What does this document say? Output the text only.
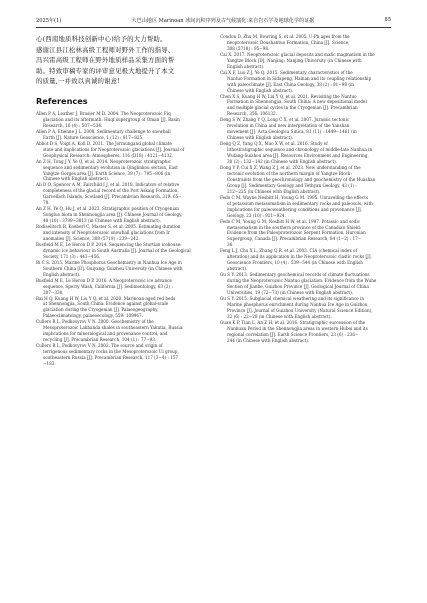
2025年(1)	大巴山地区 Marinoan 冰间沉积序列及古气候演化:来自岩石学及地球化学的证据	85
心(西南地质科技创新中心)给予的大力帮助。
感谢江县江松林高级工程师对野外工作的指导、
冯兴雷高级工程师在野外地质样品采集方面的帮
助。特致审稿专家的评审意见极大地提升了本文
的质量,一并致以真诚的谢意!
References
Allen P A, Leather J, Brasier M D. 2004. The Neoproterozoic Fiq
glaciation and its aftermath: Huqf supergroup of Oman [J]. Basin
Research, 16 (4) : 507−534.
Allen P A, Etienne J L. 2008. Sedimentary challenge to snowball
Earth [J]. Nature Geoscience, 1 (12) : 817−825.
Abbot D S, Voigt A, Koll D. 2011. The Jormungand global climate
state and implications for Neoproterozoic glaciations [J]. Journal of
Geophysical Research: Atmospheres, 116 (D18) : 4121−4132.
An Z H, Tong J Y, Ye Q, et al. 2014. Neoproterozoic stratigraphic
sequence and sedimentary evolution in Qinglinkou section, East
Yangtze Gorges area [J]. Earth Science, 39 (7) : 795−806 (in
Chinese with English abstract).
Ali D O, Spencer A M, Fairchild I J, et al. 2018. Indicators of relative
completeness of the glacial record of the Port Askaig Formation,
Garvellach Islands, Scotland [J]. Precambrian Research, 319: 65−
78.
An Z H, Ye Q, Hu J, et al. 2023. Stratigraphic position of Cryogenian
Songluo biota in Shennongjia area [J]. Chinese Journal of Geology,
48 (10) : 3799−3813 (in Chinese with English abstract).
Bodiselitsch B, Koeberl C, Master S, et al. 2005. Estimating duration
and intensity of Neoproterozoic snowball glaciations from Ir
anomalies [J]. Science, 308 (5719) : 239−242.
Busfield M E, Le Heron D P. 2014. Sequencing the Sturtian icehouse:
dynamic ice behaviour in South Australia [J]. Journal of the Geological
Society, 171 (3) : 443−456.
Bi C S. 2015. Marine Phosphorus Geochemistry in Nanhua Ice Age in
Southern China [D]. Guiyang: Guizhou University (in Chinese with
English abstract).
Busfield M E, Le Heron D P. 2016. A Neoproterozoic ice advance
sequence, Sperry Wash, California [J]. Sedimentology, 63 (2) :
307−330.
Bai H Q, Kuang H W, Liu Y Q, et al. 2020. Marinoan-aged red beds
at Shennongjia, South China: Evidence against global-scale
glaciation during the Cryogenian [J]. Palaeogeography,
Palaeoclimatology, palaeoecology, 559: 109967.
Cullers R L, Podkovyrov V N. 2000. Geochemistry of the
Mesoproterozoic Lakhanda shales in southeastern Yakutia, Russia:
implications for mineralogical and provenance control, and
recycling [J]. Precambrian Research, 104 (1) : 77−93.
Cullers R L, Podkovyrov V N. 2002. The source and origin of
terrigenous sedimentary rocks in the Mesoproterozoic Ui group,
southeastern Russia [J]. Precambrian Research, 117 (3−4) : 157
−183.
Condon D, Zhu M, Bowring S, et al. 2005. U-Pb ages from the
neoproterozoic Doushantuo Formation, China [J]. Science,
308 (5718) : 95−98.
Cai X. 2017. Neoproterozoic glacial deposits and mafic magmatism in the
Yangtze Block [D]. Nanjing: Nanjing University (in Chinese with
English abstract).
Cai X F, Luo Z J, Ye Q. 2015. Sedimentary characteristics of the
Nantuo Formation in Sidapeng, Hainan and its coupling relationship
with paleoclimate [J]. East China Geology, 38 (2) : 91−98 (in
Chinese with English abstract).
Chen X S, Kuang H W, Liu Y Q, et al. 2021. Revisiting the Nantuo
Formation in Shennongjia, South China: A new depositional model
and multiple glacial cycles in the Cryogenian [J]. Precambrian
Research, 356: 106132.
Deng S W, Zhang Y Q, Long C X, et al. 2007. Jurassic tectonic
revolution in China and new interpretation of the Yanshan
movement [J]. Acta Geologica Sinica, 81 (11) : 1449−1461 (in
Chinese with English abstract).
Deng Q Z, Yang Q X, Mao X W, et al. 2016. Study of
lithostratigraphic sequence and chronology of middle-late Nanhua in
Wufang-Suizhou area [J]. Resources Environment and Engineering,
30 (2) : 132−142 (in Chinese with English abstract).
Dong Y P, Cui X Z, Wang Z J, et al. 2023. New understanding of the
tectonic evolution of the northern margin of Yangtze Block:
Constraints from the geochronology and geochemistry of the Huashan
Group [J]. Sedimentary Geology and Tethyan Geology, 43 (1) :
212−225 (in Chinese with English abstract).
Fedo C M, Wayne Nesbitt H, Young G M. 1995. Unravelling the effects
of potassium metasomatism in sedimentary rocks and paleosols, with
implications for paleoweathering conditions and provenance [J].
Geology, 23 (10) : 921−924.
Fedo C M, Young G M, Nesbitt H W, et al. 1997. Potassic and sodic
metasomatism in the southern province of the Canadian Shield:
Evidence from the Paleoproterozoic Serpent Formation, Huronian
Supergroup, Canada [J]. Precambrian Research, 84 (1−2) : 17−
36.
Feng L J, Chu X L, Zhang Q R, et al. 2003. CIA (chemical index of
alteration) and its application in the Neoproterozoic clastic rocks [J].
Geoscience Frontiers, 10 (4) : 539−544 (in Chinese with English
abstract).
Gu S Y. 2013. Sedimentary geochemical records of climate fluctuations
during the Neoproterozoic Nantuo glaciation: Evidence from the Wuhe
Section of Jianhe, Guizhou Province [J]. Geological Journal of China
Universities, 19 (72−73) (in Chinese with English abstract).
Gu S Y. 2015. Subglacial chemical weathering and its significance in
Marine phosphorus enrichment during Nanhua Ice Age in Guizhou
Province [J]. Journal of Guizhou University (Natural Science Edition),
32 (6) : 22−28 (in Chinese with English abstract).
Guan K P, Tian L, An Z H, et al. 2016. Stratigraphic succession of the
Nanhuan Period in the Shennongjia areas in western Hubei and its
regional correlation [J]. Earth Science Frontiers, 23 (6) : 236−
244 (in Chinese with English abstract).
